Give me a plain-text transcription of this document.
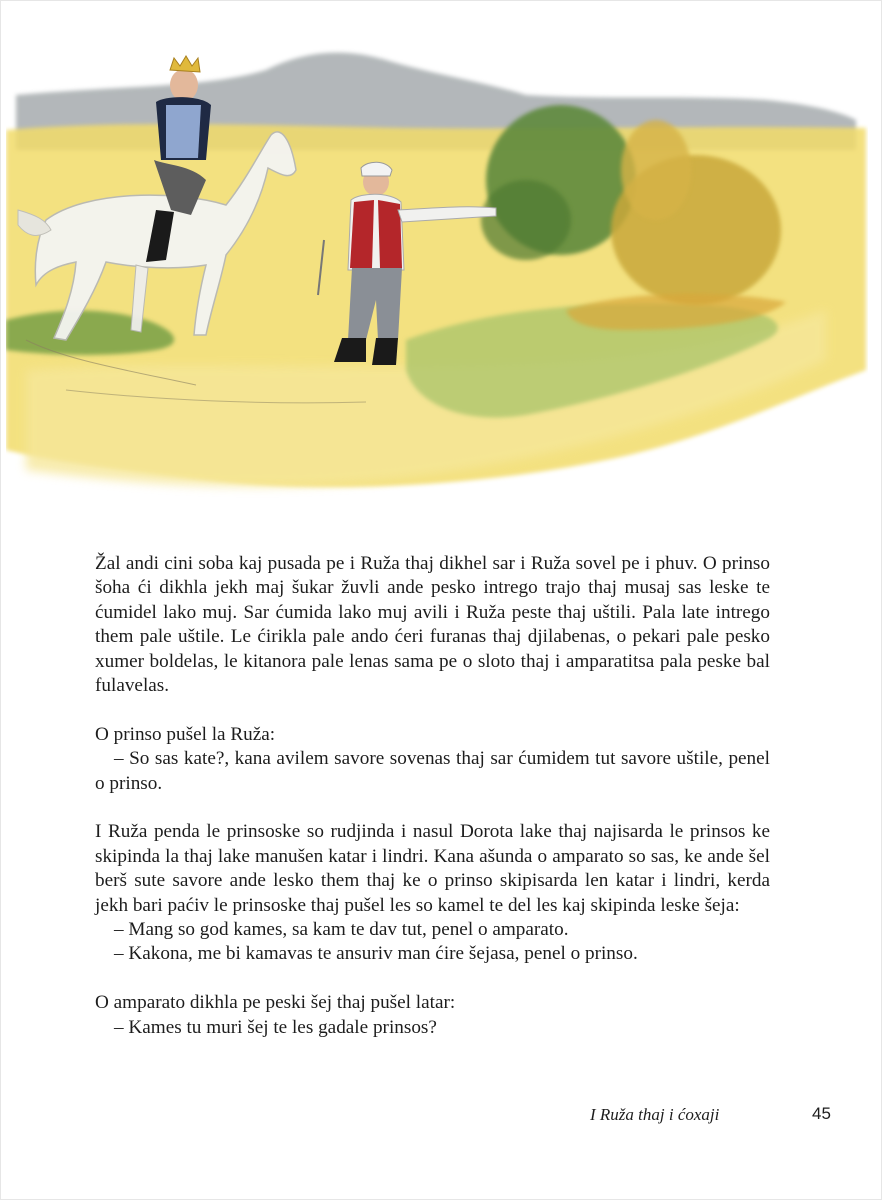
Žal andi cini soba kaj pusada pe i Ruža thaj dikhel sar i Ruža sovel pe i phuv. O prinso šoha ći dikhla jekh maj šukar žuvli ande pesko intrego trajo thaj musaj sas leske te ćumidel lako muj. Sar ćumida lako muj avili i Ruža peste thaj uštili. Pala late intrego them pale uštile. Le ćirikla pale ando ćeri furanas thaj djilabenas, o pekari pale pesko xumer boldelas, le kitanora pale lenas sama pe o sloto thaj i amparatitsa pala peske bal fulavelas.

O prinso pušel la Ruža:

– So sas kate?, kana avilem savore sovenas thaj sar ćumidem tut savore uštile, penel o prinso.

I Ruža penda le prinsoske so rudjinda i nasul Dorota lake thaj najisarda le prinsos ke skipinda la thaj lake manušen katar i lindri. Kana ašunda o amparato so sas, ke ande šel berš sute savore ande lesko them thaj ke o prinso skipisarda len katar i lindri, kerda jekh bari paćiv le prinsoske thaj pušel les so kamel te del les kaj skipinda leske šeja:

– Mang so god kames, sa kam te dav tut, penel o amparato.

– Kakona, me bi kamavas te ansuriv man ćire šejasa, penel o prinso.

O amparato dikhla pe peski šej thaj pušel latar:

– Kames tu muri šej te les gadale prinsos?

I Ruža thaj i ćoxaji	45
